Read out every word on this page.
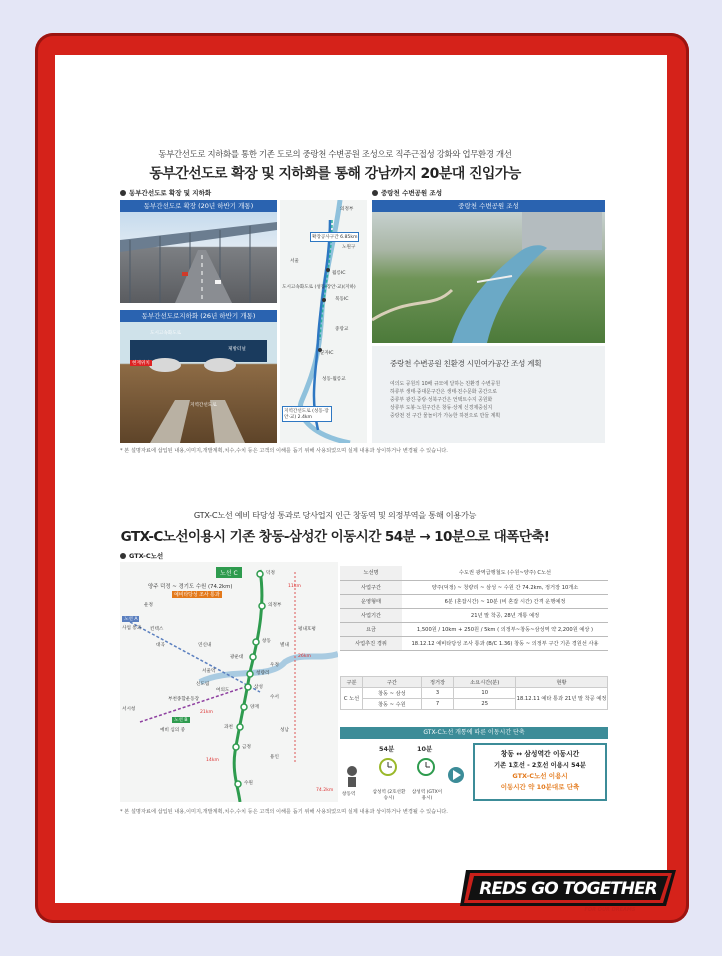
동부간선도로 지하화를 통한 기존 도로의 중랑천 수변공원 조성으로 직주근접성 강화와 업무환경 개선
동부간선도로 확장 및 지하화를 통해 강남까지 20분대 진입가능
동부간선도로 확장 및 지하화	중랑천 수변공원 조성
동부간선도로 확장 (20년 하반기 개통)
동부간선도로지하화 (26년 하반기 개통)
도시고속화도로
현재위치
제방터널
지역간선도로
확장공사구간 6.85km
도시고속화도로 (성동·장안·교)(지하)
월릉IC
묵동IC
중랑교
군자IC
성동·월릉교
지역간선도로 (성동·장안·교) 2.4km
서울
의정부
노원구
중랑천 수변공원 조성
중랑천 수변공원 친환경 시민여가공간 조성 계획
여의도 공원의 10배 규모에 달하는 친환경 수변공원
하류부 생태·중대문구간은 생태·친수문화 공간으로
중류부 광진·중랑·성북구간은 언택트수지 공원화
상류부 도봉·노원구간은 창동·상계 신경제중심지
중랑천 전 구간 물놀이가 가능한 하천으로 만들 계획
* 본 설명자료에 삽입된 내용,이미지,개발계획,치수,수치 등은 고객의 이해를 돕기 위해 사용되었으며 실제 내용과 상이하거나 변경될 수 있습니다.
GTX-C노선 예비 타당성 통과로 당사업지 인근 창동역 및 의정부역을 통해 이용가능
GTX-C노선이용시 기존 창동-삼성간 이동시간 54분 → 10분으로 대폭단축!
GTX-C노선
노선 C
양주 덕정 ~ 경기도 수원 (74.2km)
예비타당성 조사 통과
덕정
의정부
창동
광운대
청량리
삼성
양재
과천
금정
수원
운정
킨텍스
대곡	연신내
서울역
여의도
신도림
부천종합운동장
서시청
노선 B
예비 심의 중
노선 A
사업 통과	평내호평
별내
우정
수서
성남
용인
21km
26km
14km
11km
74.2km
노선명	수도권 광역급행철도 (수원~양주) C노선
사업구간	양주(덕정) ~ 청량리 ~ 삼성 ~ 수원 간 74.2km, 정거장 10개소
운영형태	6분 (혼잡시간) ~ 10분 (비 혼잡 시간) 간격 운행예정
사업기간	21년 말 착공, 28년 개통 예정
요금	1,500원 / 10km + 250원 / 5km ( 의정부~창동~삼성역 약 2,200원 예상 )
사업추진 경위	18.12.12 예비타당성 조사 통과 (B/C 1.36) 창동 ~ 의정부 구간 기존 경원선 사용
구분	구간	정거장	소요시간(분)	현황
C 노선	창동 ~ 삼성	3	10	18.12.11 예타 통과 21년 말 착공 예정
	창동 ~ 수원	7	25	
GTX-C노선 개통에 따른 이동시간 단축
54분	10분
창동역	삼성역 (2호선환승시)
삼성역 (GTX이용시)
창동 ↔ 삼성역간 이동시간
기존 1호선 - 2호선 이용시 54분
GTX-C노선 이용시
이동시간 약 10분대로 단축
* 본 설명자료에 삽입된 내용,이미지,개발계획,치수,수치 등은 고객의 이해를 돕기 위해 사용되었으며 실제 내용과 상이하거나 변경될 수 있습니다.
REDS GO TOGETHER
FOR OUR DREAMS
